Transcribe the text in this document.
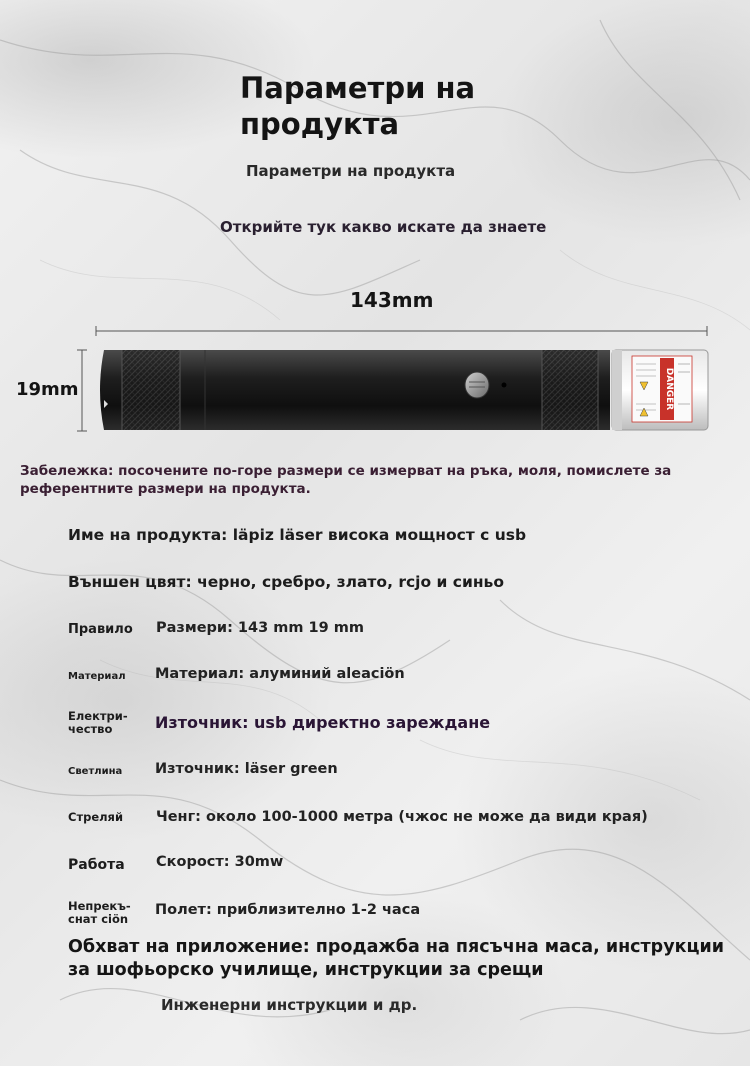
Параметри на продукта
Параметри на продукта
Открийте тук какво искате да знаете
143mm
19mm	DANGER
Забележка: посочените по-горе размери се измерват на ръка, моля, помислете за референтните размери на продукта.
Име на продукта: läpiz läser висока мощност с usb
Външен цвят: черно, сребро, злато, rcjo и синьо
Правило Размери: 143 mm 19 mm
Материал Материал: алуминий aleaciön
Електри-
чество	Източник: usb директно зареждане
Светлина Източник: läser green
Стреляй Ченг: около 100-1000 метра (чжос не може да види края)
Работа Скорост: 30mw
Непрекъ-
снат ciön
Полет: приблизително 1-2 часа
Обхват на приложение: продажба на пясъчна маса, инструкции за шофьорско училище, инструкции за срещи
Инженерни инструкции и др.
